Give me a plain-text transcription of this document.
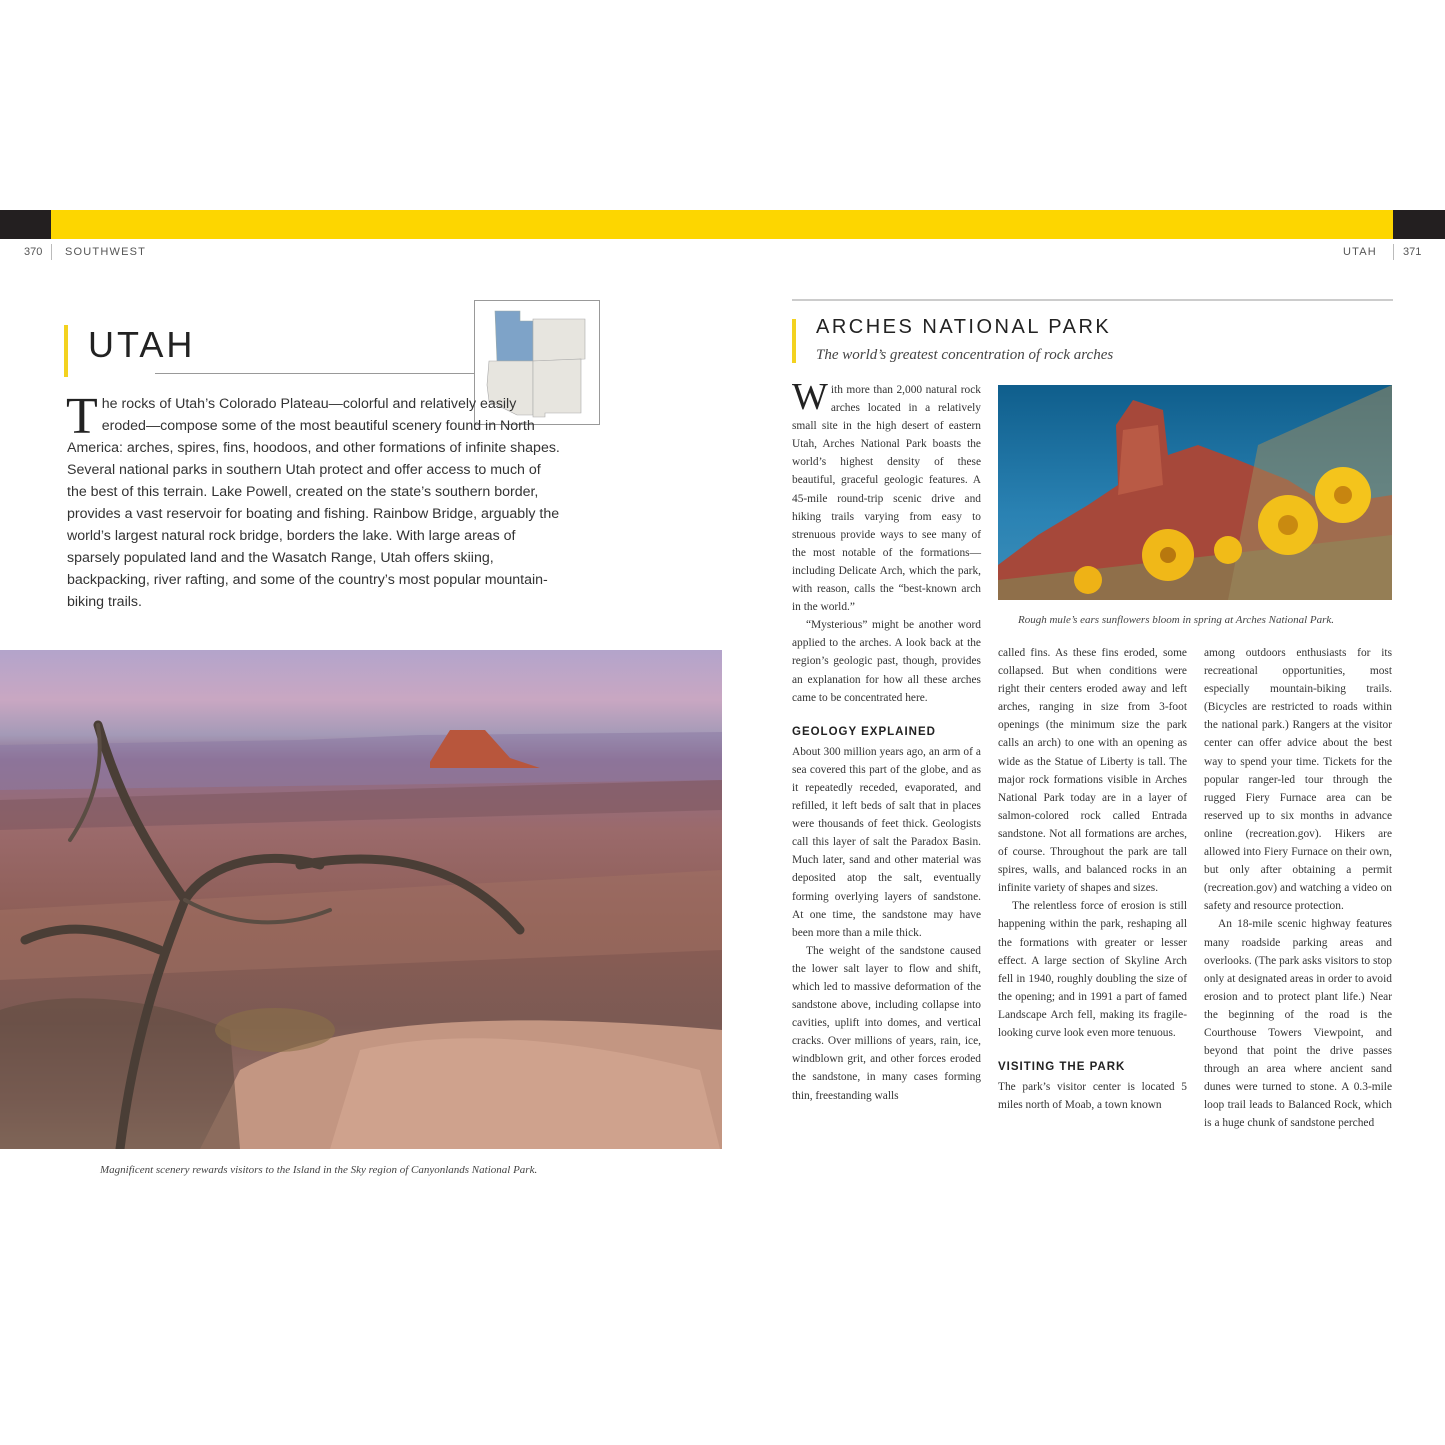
370 SOUTHWEST	UTAH 371
UTAH
The rocks of Utah’s Colorado Plateau—colorful and relatively easily eroded—compose some of the most beautiful scenery found in North America: arches, spires, fins, hoodoos, and other formations of infinite shapes. Several national parks in southern Utah protect and offer access to much of the best of this terrain. Lake Powell, created on the state’s southern border, provides a vast reservoir for boating and fishing. Rainbow Bridge, arguably the world’s largest natural rock bridge, borders the lake. With large areas of sparsely populated land and the Wasatch Range, Utah offers skiing, backpacking, river rafting, and some of the country’s most popular mountain-biking trails.
Magnificent scenery rewards visitors to the Island in the Sky region of Canyonlands National Park.
ARCHES NATIONAL PARK
The world’s greatest concentration of rock arches
Rough mule’s ears sunflowers bloom in spring at Arches National Park.

With more than 2,000 natural rock arches located in a relatively small site in the high desert of eastern Utah, Arches National Park boasts the world’s highest density of these beautiful, graceful geologic features. A 45-mile round-trip scenic drive and hiking trails varying from easy to strenuous provide ways to see many of the most notable of the formations—including Delicate Arch, which the park, with reason, calls the “best-known arch in the world.”

“Mysterious” might be another word applied to the arches. A look back at the region’s geologic past, though, provides an explanation for how all these arches came to be concentrated here.

GEOLOGY EXPLAINED

About 300 million years ago, an arm of a sea covered this part of the globe, and as it repeatedly receded, evaporated, and refilled, it left beds of salt that in places were thousands of feet thick. Geologists call this layer of salt the Paradox Basin. Much later, sand and other material was deposited atop the salt, eventually forming overlying layers of sandstone. At one time, the sandstone may have been more than a mile thick.

The weight of the sandstone caused the lower salt layer to flow and shift, which led to massive deformation of the sandstone above, including collapse into cavities, uplift into domes, and vertical cracks. Over millions of years, rain, ice, windblown grit, and other forces eroded the sandstone, in many cases forming thin, freestanding walls

called fins. As these fins eroded, some collapsed. But when conditions were right their centers eroded away and left arches, ranging in size from 3-foot openings (the minimum size the park calls an arch) to one with an opening as wide as the Statue of Liberty is tall. The major rock formations visible in Arches National Park today are in a layer of salmon-colored rock called Entrada sandstone. Not all formations are arches, of course. Throughout the park are tall spires, walls, and balanced rocks in an infinite variety of shapes and sizes.

The relentless force of erosion is still happening within the park, reshaping all the formations with greater or lesser effect. A large section of Skyline Arch fell in 1940, roughly doubling the size of the opening; and in 1991 a part of famed Landscape Arch fell, making its fragile-looking curve look even more tenuous.

VISITING THE PARK

The park’s visitor center is located 5 miles north of Moab, a town known

among outdoors enthusiasts for its recreational opportunities, most especially mountain-biking trails. (Bicycles are restricted to roads within the national park.) Rangers at the visitor center can offer advice about the best way to spend your time. Tickets for the popular ranger-led tour through the rugged Fiery Furnace area can be reserved up to six months in advance online (recreation.gov). Hikers are allowed into Fiery Furnace on their own, but only after obtaining a permit (recreation.gov) and watching a video on safety and resource protection.

An 18-mile scenic highway features many roadside parking areas and overlooks. (The park asks visitors to stop only at designated areas in order to avoid erosion and to protect plant life.) Near the beginning of the road is the Courthouse Towers Viewpoint, and beyond that point the drive passes through an area where ancient sand dunes were turned to stone. A 0.3-mile loop trail leads to Balanced Rock, which is a huge chunk of sandstone perched
